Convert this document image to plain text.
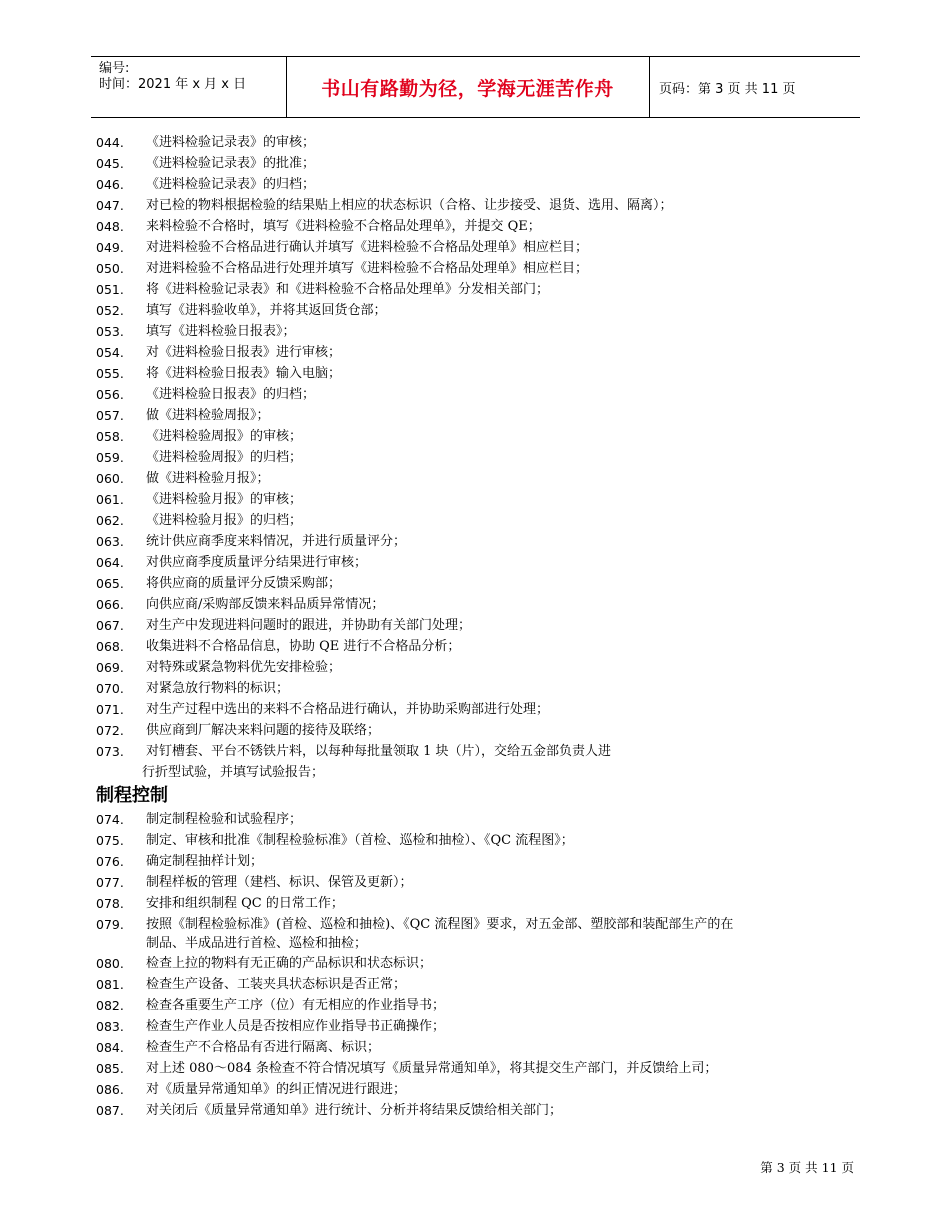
编号:
时间：2021 年 x 月 x 日	书山有路勤为径，学海无涯苦作舟	页码：第 3 页 共 11 页
044.	《进料检验记录表》的审核；
045.	《进料检验记录表》的批准；
046.	《进料检验记录表》的归档；
047.	对已检的物料根据检验的结果贴上相应的状态标识（合格、让步接受、退货、选用、隔离）；
048.	来料检验不合格时，填写《进料检验不合格品处理单》，并提交 QE；
049.	对进料检验不合格品进行确认并填写《进料检验不合格品处理单》相应栏目；
050.	对进料检验不合格品进行处理并填写《进料检验不合格品处理单》相应栏目；
051.	将《进料检验记录表》和《进料检验不合格品处理单》分发相关部门；
052.	填写《进料验收单》，并将其返回货仓部；
053.	填写《进料检验日报表》；
054.	对《进料检验日报表》进行审核；
055.	将《进料检验日报表》输入电脑；
056.	《进料检验日报表》的归档；
057.	做《进料检验周报》；
058.	《进料检验周报》的审核；
059.	《进料检验周报》的归档；
060.	做《进料检验月报》；
061.	《进料检验月报》的审核；
062.	《进料检验月报》的归档；
063.	统计供应商季度来料情况，并进行质量评分；
064.	对供应商季度质量评分结果进行审核；
065.	将供应商的质量评分反馈采购部；
066.	向供应商/采购部反馈来料品质异常情况；
067.	对生产中发现进料问题时的跟进，并协助有关部门处理；
068.	收集进料不合格品信息，协助 QE 进行不合格品分析；
069.	对特殊或紧急物料优先安排检验；
070.	对紧急放行物料的标识；
071.	对生产过程中选出的来料不合格品进行确认，并协助采购部进行处理；
072.	供应商到厂解决来料问题的接待及联络；
073.	对钉槽套、平台不锈铁片料，以每种每批量领取 1 块（片），交给五金部负责人进
行折型试验，并填写试验报告；
制程控制
074.	制定制程检验和试验程序；
075.	制定、审核和批准《制程检验标准》（首检、巡检和抽检）、《QC 流程图》；
076.	确定制程抽样计划；
077.	制程样板的管理（建档、标识、保管及更新）；
078.	安排和组织制程 QC 的日常工作；
079.	按照《制程检验标准》(首检、巡检和抽检)、《QC 流程图》要求，对五金部、塑胶部和装配部生产的在
制品、半成品进行首检、巡检和抽检；
080.	检查上拉的物料有无正确的产品标识和状态标识；
081.	检查生产设备、工装夹具状态标识是否正常；
082.	检查各重要生产工序（位）有无相应的作业指导书；
083.	检查生产作业人员是否按相应作业指导书正确操作；
084.	检查生产不合格品有否进行隔离、标识；
085.	对上述 080～084 条检查不符合情况填写《质量异常通知单》，将其提交生产部门，并反馈给上司；
086.	对《质量异常通知单》的纠正情况进行跟进；
087.	对关闭后《质量异常通知单》进行统计、分析并将结果反馈给相关部门；
第 3 页 共 11 页
